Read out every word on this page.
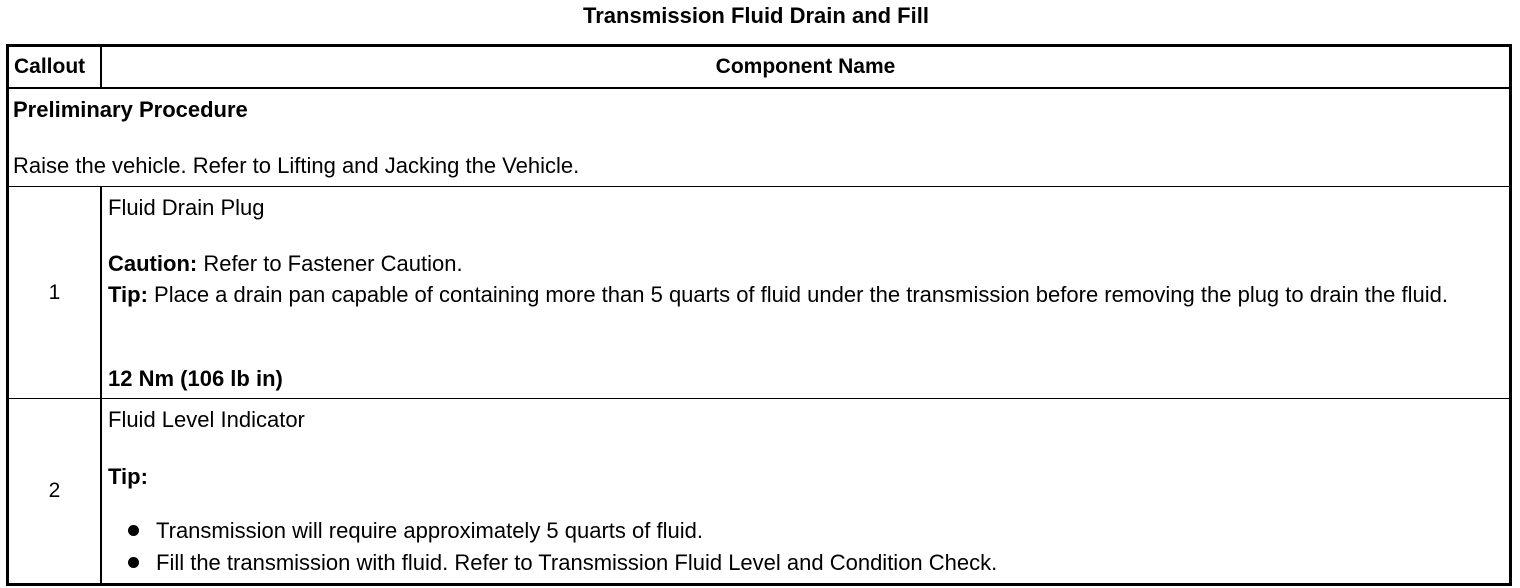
Transmission Fluid Drain and Fill
Callout	Component Name
Preliminary Procedure
Raise the vehicle. Refer to Lifting and Jacking the Vehicle.
1
Fluid Drain Plug
Caution: Refer to Fastener Caution.
Tip: Place a drain pan capable of containing more than 5 quarts of fluid under the transmission before removing the plug to drain the fluid.
12 Nm (106 lb in)
2
Fluid Level Indicator
Tip:
Transmission will require approximately 5 quarts of fluid.
Fill the transmission with fluid. Refer to Transmission Fluid Level and Condition Check.
